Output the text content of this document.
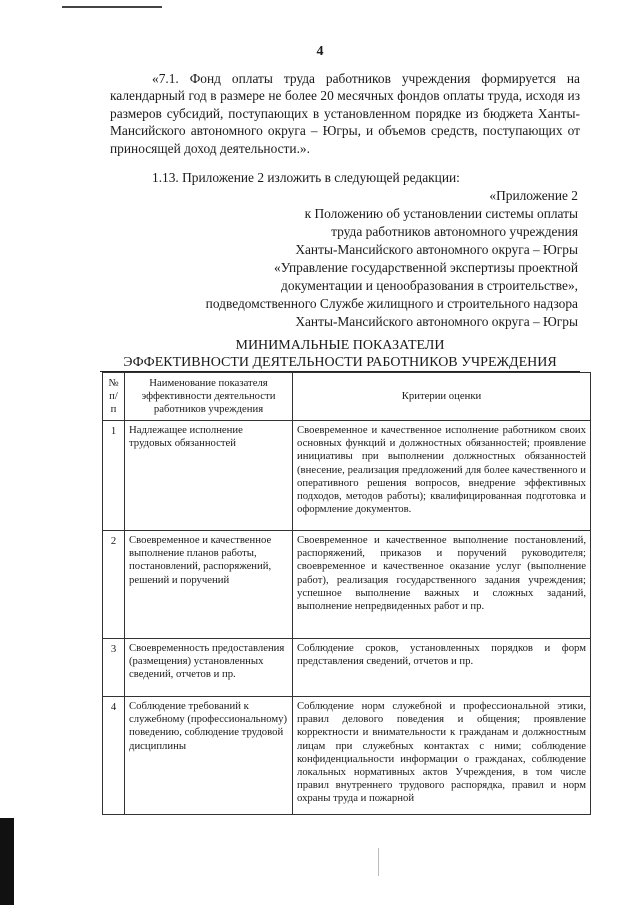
4
«7.1. Фонд оплаты труда работников учреждения формируется на календарный год в размере не более 20 месячных фондов оплаты труда, исходя из размеров субсидий, поступающих в установленном порядке из бюджета Ханты-Мансийского автономного округа – Югры, и объемов средств, поступающих от приносящей доход деятельности.».
1.13. Приложение 2 изложить в следующей редакции:
«Приложение 2
к Положению об установлении системы оплаты
труда работников автономного учреждения
Ханты-Мансийского автономного округа – Югры
«Управление государственной экспертизы проектной
документации и ценообразования в строительстве»,
подведомственного Службе жилищного и строительного надзора
Ханты-Мансийского автономного округа – Югры
МИНИМАЛЬНЫЕ ПОКАЗАТЕЛИ
ЭФФЕКТИВНОСТИ ДЕЯТЕЛЬНОСТИ РАБОТНИКОВ УЧРЕЖДЕНИЯ
№ п/п	Наименование показателя эффективности деятельности работников учреждения	Критерии оценки
1	Надлежащее исполнение трудовых обязанностей	Своевременное и качественное исполнение работником своих основных функций и должностных обязанностей; проявление инициативы при выполнении должностных обязанностей (внесение, реализация предложений для более качественного и оперативного решения вопросов, внедрение эффективных подходов, методов работы); квалифицированная подготовка и оформление документов.
2	Своевременное и качественное выполнение планов работы, постановлений, распоряжений, решений и поручений	Своевременное и качественное выполнение постановлений, распоряжений, приказов и поручений руководителя; своевременное и качественное оказание услуг (выполнение работ), реализация государственного задания учреждения; успешное выполнение важных и сложных заданий, выполнение непредвиденных работ и пр.
3	Своевременность предоставления (размещения) установленных сведений, отчетов и пр.	Соблюдение сроков, установленных порядков и форм представления сведений, отчетов и пр.
4	Соблюдение требований к служебному (профессиональному) поведению, соблюдение трудовой дисциплины	Соблюдение норм служебной и профессиональной этики, правил делового поведения и общения; проявление корректности и внимательности к гражданам и должностным лицам при служебных контактах с ними; соблюдение конфиденциальности информации о гражданах, соблюдение локальных нормативных актов Учреждения, в том числе правил внутреннего трудового распорядка, правил и норм охраны труда и пожарной
